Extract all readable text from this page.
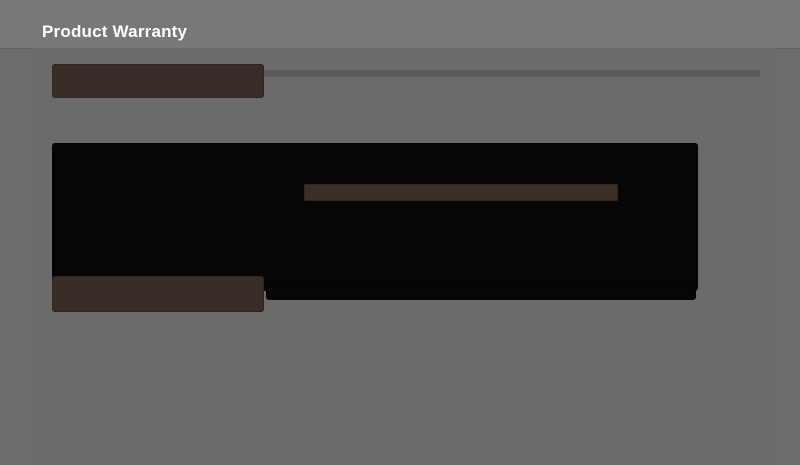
Product Warranty
